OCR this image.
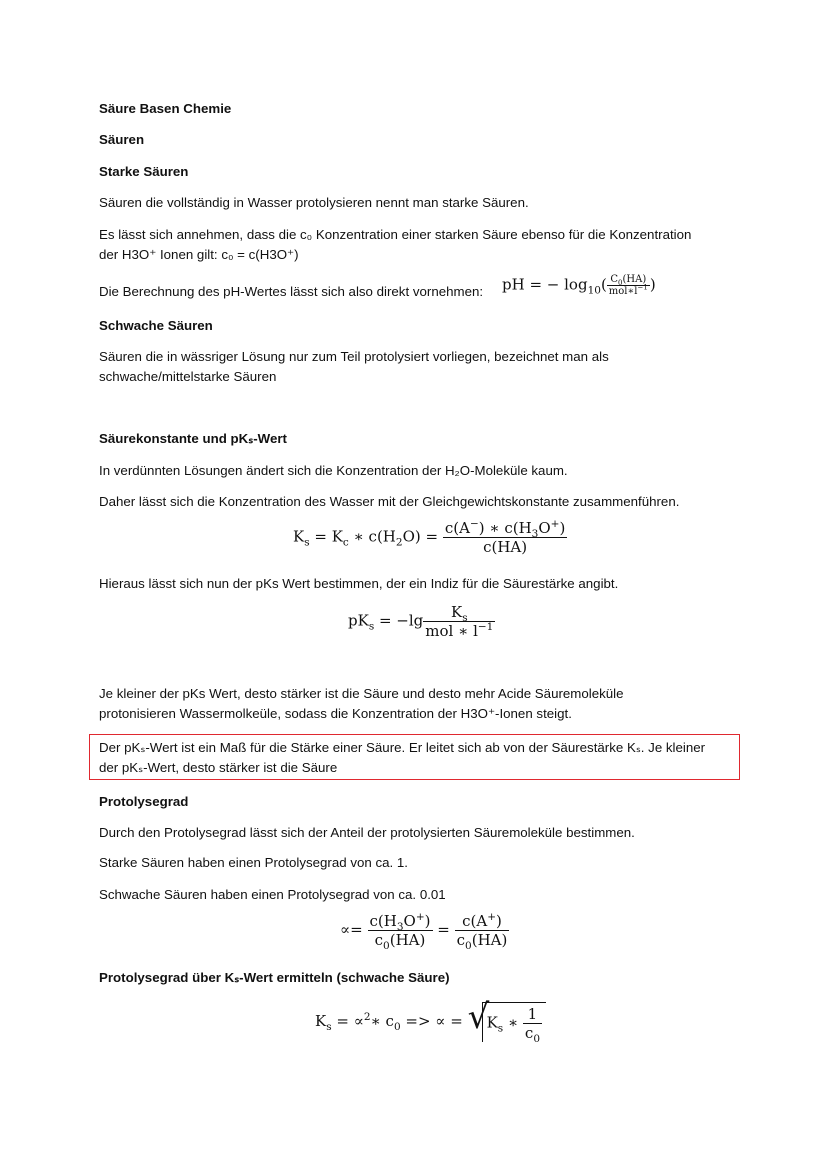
Säure Basen Chemie
Säuren
Starke Säuren
Säuren die vollständig in Wasser protolysieren nennt man starke Säuren.
Es lässt sich annehmen, dass die c₀ Konzentration einer starken Säure ebenso für die Konzentration
der H3O⁺ Ionen gilt: c₀ = c(H3O⁺)
Die Berechnung des pH-Wertes lässt sich also direkt vornehmen: pH = − $\log_{10}( \frac{C_0(HA)}{mol∗l^{-1}}$ )
Schwache Säuren
Säuren die in wässriger Lösung nur zum Teil protolysiert vorliegen, bezeichnet man als
schwache/mittelstarke Säuren
Säurekonstante und pKₛ-Wert
In verdünnten Lösungen ändert sich die Konzentration der H₂O-Moleküle kaum.
Daher lässt sich die Konzentration des Wasser mit der Gleichgewichtskonstante zusammenführen.
$K_s = K_c$ ∗ $c(H_2O) = \frac{c(A^-) ∗ c(H_3O^+)}{c(HA)}$
Hieraus lässt sich nun der pKs Wert bestimmen, der ein Indiz für die Säurestärke angibt.
$pK_s = -\lg \frac{K_s}{mol ∗ l^{-1}}$
Je kleiner der pKs Wert, desto stärker ist die Säure und desto mehr Acide Säuremoleküle
protonisieren Wassermolkeüle, sodass die Konzentration der H3O⁺-Ionen steigt.
Der pKₛ-Wert ist ein Maß für die Stärke einer Säure. Er leitet sich ab von der Säurestärke Kₛ. Je kleiner
der pKₛ-Wert, desto stärker ist die Säure
Protolysegrad
Durch den Protolysegrad lässt sich der Anteil der protolysierten Säuremoleküle bestimmen.
Starke Säuren haben einen Protolysegrad von ca. 1.
Schwache Säuren haben einen Protolysegrad von ca. 0.01
∝= $\frac{c(H_3O^+)}{c_0(HA)} = \frac{c(A^+)}{c_0(HA)}$
Protolysegrad über Kₛ-Wert ermitteln (schwache Säure)
$K_s$ = ∝$^2$∗ $c_0$ => ∝ = √
$K_s$ ∗ $\frac{1}{c_0}$
